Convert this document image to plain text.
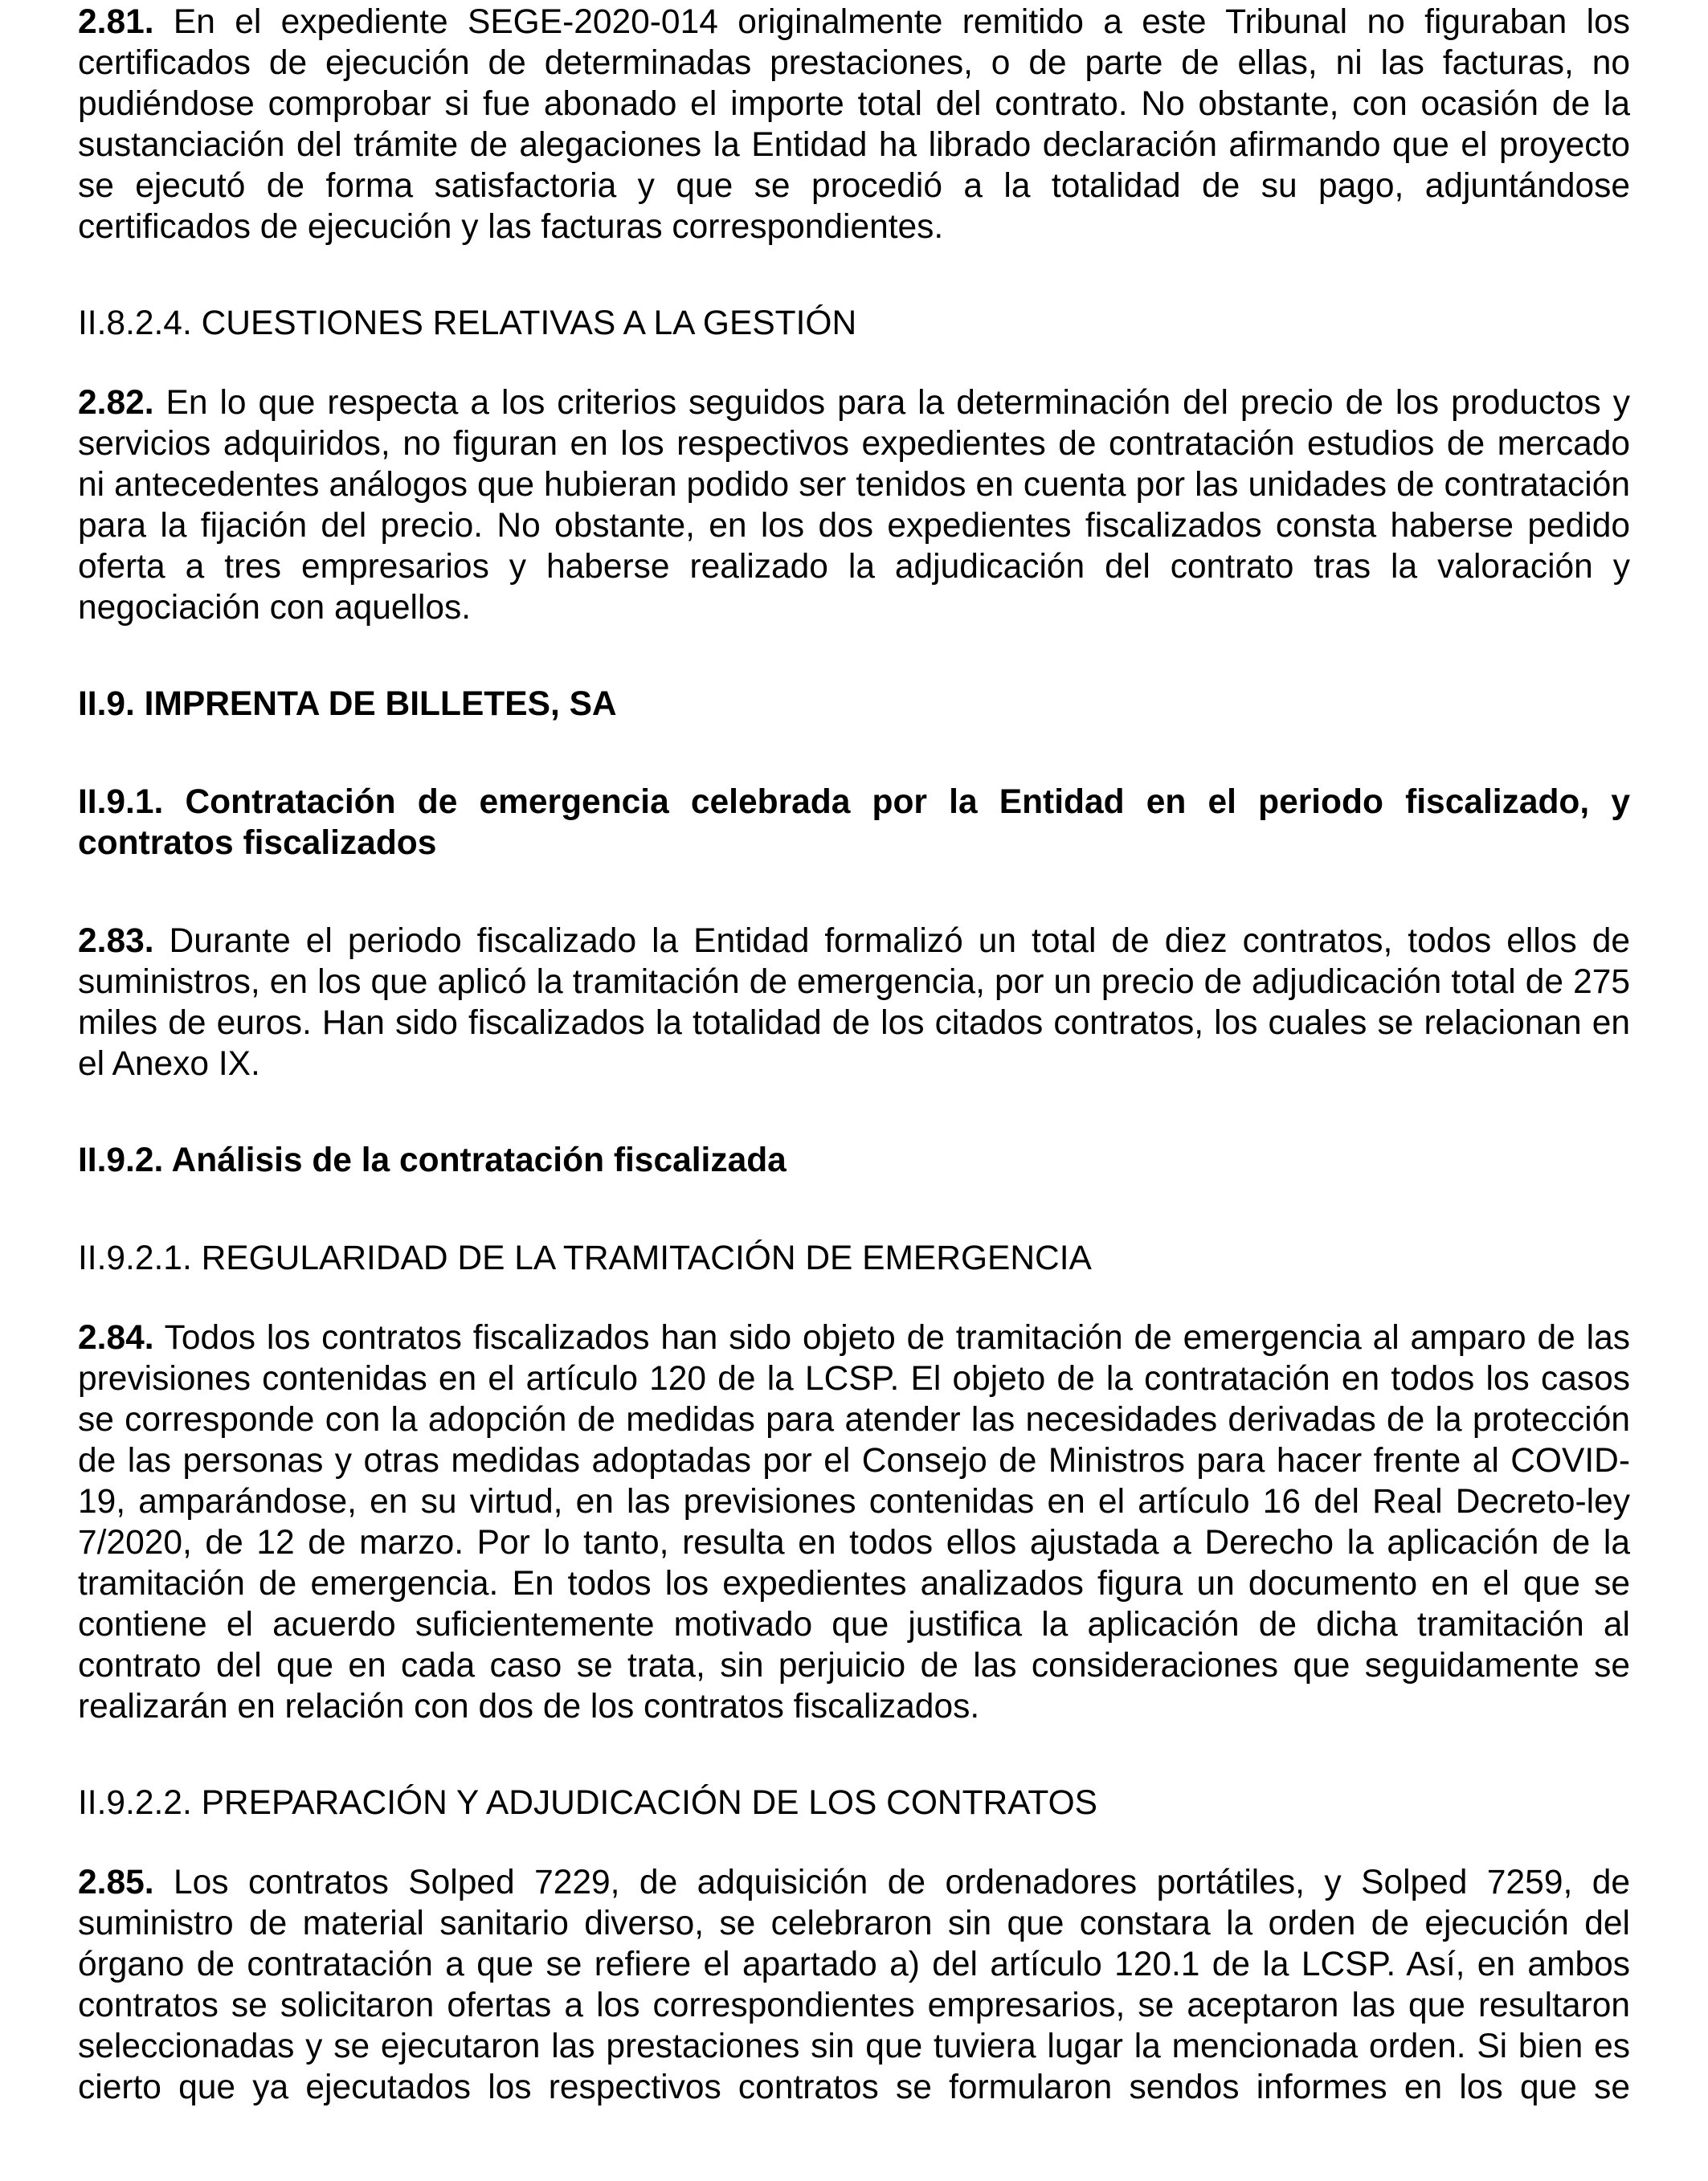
2.81. En el expediente SEGE-2020-014 originalmente remitido a este Tribunal no figuraban los certificados de ejecución de determinadas prestaciones, o de parte de ellas, ni las facturas, no pudiéndose comprobar si fue abonado el importe total del contrato. No obstante, con ocasión de la sustanciación del trámite de alegaciones la Entidad ha librado declaración afirmando que el proyecto se ejecutó de forma satisfactoria y que se procedió a la totalidad de su pago, adjuntándose certificados de ejecución y las facturas correspondientes.

II.8.2.4. CUESTIONES RELATIVAS A LA GESTIÓN

2.82. En lo que respecta a los criterios seguidos para la determinación del precio de los productos y servicios adquiridos, no figuran en los respectivos expedientes de contratación estudios de mercado ni antecedentes análogos que hubieran podido ser tenidos en cuenta por las unidades de contratación para la fijación del precio. No obstante, en los dos expedientes fiscalizados consta haberse pedido oferta a tres empresarios y haberse realizado la adjudicación del contrato tras la valoración y negociación con aquellos.

II.9. IMPRENTA DE BILLETES, SA

II.9.1. Contratación de emergencia celebrada por la Entidad en el periodo fiscalizado, y contratos fiscalizados

2.83. Durante el periodo fiscalizado la Entidad formalizó un total de diez contratos, todos ellos de suministros, en los que aplicó la tramitación de emergencia, por un precio de adjudicación total de 275 miles de euros. Han sido fiscalizados la totalidad de los citados contratos, los cuales se relacionan en el Anexo IX.

II.9.2. Análisis de la contratación fiscalizada

II.9.2.1. REGULARIDAD DE LA TRAMITACIÓN DE EMERGENCIA

2.84. Todos los contratos fiscalizados han sido objeto de tramitación de emergencia al amparo de las previsiones contenidas en el artículo 120 de la LCSP. El objeto de la contratación en todos los casos se corresponde con la adopción de medidas para atender las necesidades derivadas de la protección de las personas y otras medidas adoptadas por el Consejo de Ministros para hacer frente al COVID-19, amparándose, en su virtud, en las previsiones contenidas en el artículo 16 del Real Decreto-ley 7/2020, de 12 de marzo. Por lo tanto, resulta en todos ellos ajustada a Derecho la aplicación de la tramitación de emergencia. En todos los expedientes analizados figura un documento en el que se contiene el acuerdo suficientemente motivado que justifica la aplicación de dicha tramitación al contrato del que en cada caso se trata, sin perjuicio de las consideraciones que seguidamente se realizarán en relación con dos de los contratos fiscalizados.

II.9.2.2. PREPARACIÓN Y ADJUDICACIÓN DE LOS CONTRATOS

2.85. Los contratos Solped 7229, de adquisición de ordenadores portátiles, y Solped 7259, de suministro de material sanitario diverso, se celebraron sin que constara la orden de ejecución del órgano de contratación a que se refiere el apartado a) del artículo 120.1 de la LCSP. Así, en ambos contratos se solicitaron ofertas a los correspondientes empresarios, se aceptaron las que resultaron seleccionadas y se ejecutaron las prestaciones sin que tuviera lugar la mencionada orden. Si bien es cierto que ya ejecutados los respectivos contratos se formularon sendos informes en los que se
